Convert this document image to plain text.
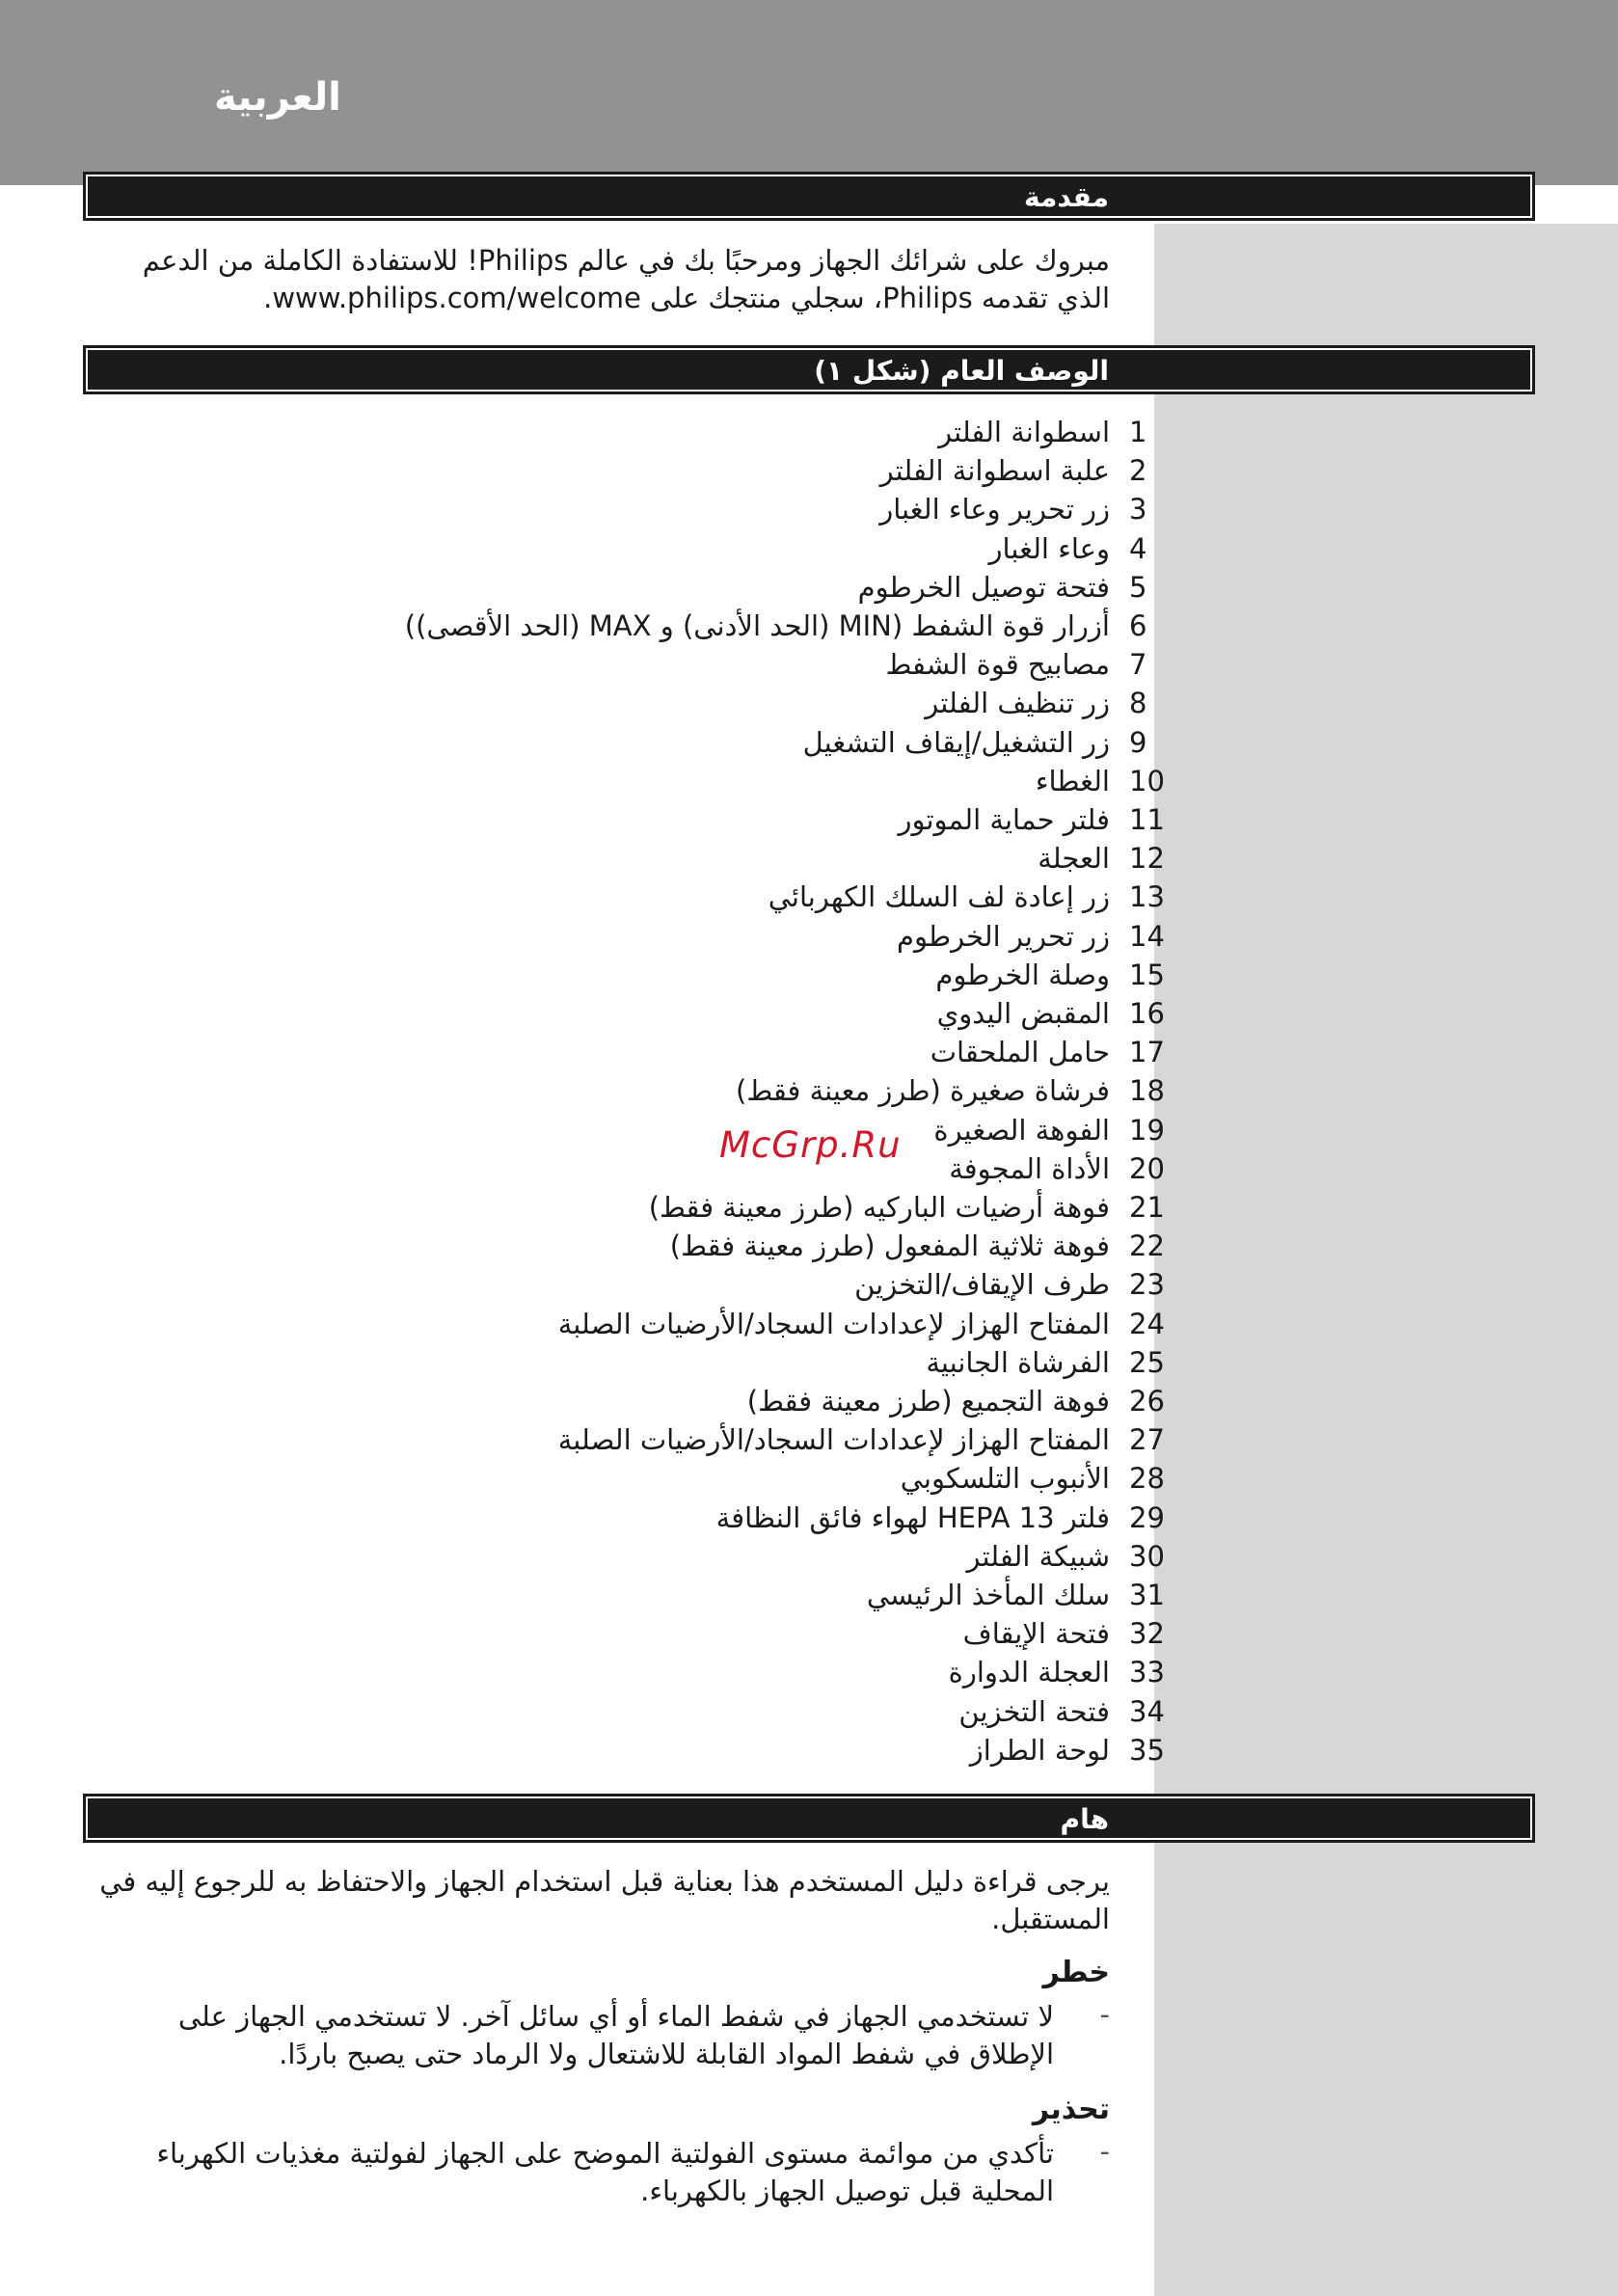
العربية
مقدمة
مبروك على شرائك الجهاز ومرحبًا بك في عالم Philips! للاستفادة الكاملة من الدعم الذي تقدمه Philips، سجلي منتجك على www.philips.com/welcome.
الوصف العام (شكل ١)
1
اسطوانة الفلتر
2
علبة اسطوانة الفلتر
3
زر تحرير وعاء الغبار
4
وعاء الغبار
5
فتحة توصيل الخرطوم
6
أزرار قوة الشفط (MIN (الحد الأدنى) و MAX (الحد الأقصى))
7
مصابيح قوة الشفط
8
زر تنظيف الفلتر
9
زر التشغيل/إيقاف التشغيل
10
الغطاء
11
فلتر حماية الموتور
12
العجلة
13
زر إعادة لف السلك الكهربائي
14
زر تحرير الخرطوم
15
وصلة الخرطوم
16
المقبض اليدوي
17
حامل الملحقات
18
فرشاة صغيرة (طرز معينة فقط)
19
الفوهة الصغيرة
20
الأداة المجوفة
21
فوهة أرضيات الباركيه (طرز معينة فقط)
22
فوهة ثلاثية المفعول (طرز معينة فقط)
23
طرف الإيقاف/التخزين
24
المفتاح الهزاز لإعدادات السجاد/الأرضيات الصلبة
25
الفرشاة الجانبية
26
فوهة التجميع (طرز معينة فقط)
27
المفتاح الهزاز لإعدادات السجاد/الأرضيات الصلبة
28
الأنبوب التلسكوبي
29
فلتر HEPA 13 لهواء فائق النظافة
30
شبيكة الفلتر
31
سلك المأخذ الرئيسي
32
فتحة الإيقاف
33
العجلة الدوارة
34
فتحة التخزين
35
لوحة الطراز
هام
يرجى قراءة دليل المستخدم هذا بعناية قبل استخدام الجهاز والاحتفاظ به للرجوع إليه في المستقبل.
خطر
-
لا تستخدمي الجهاز في شفط الماء أو أي سائل آخر. لا تستخدمي الجهاز على الإطلاق في شفط المواد القابلة للاشتعال ولا الرماد حتى يصبح باردًا.
تحذير
-
تأكدي من موائمة مستوى الفولتية الموضح على الجهاز لفولتية مغذيات الكهرباء المحلية قبل توصيل الجهاز بالكهرباء.
McGrp.Ru
